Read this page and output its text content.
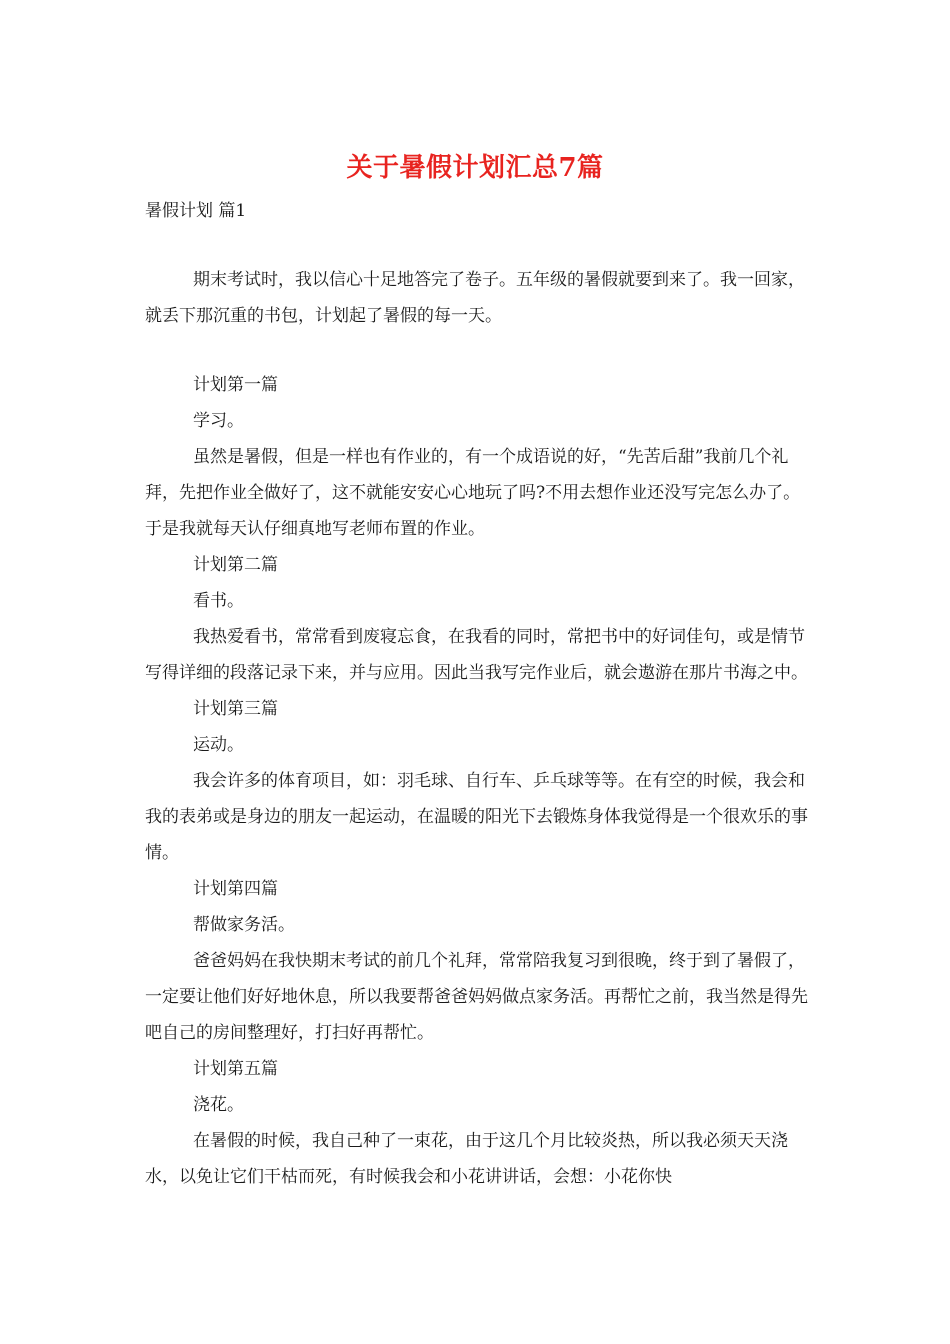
关于暑假计划汇总7篇
暑假计划 篇1

期末考试时，我以信心十足地答完了卷子。五年级的暑假就要到来了。我一回家，就丢下那沉重的书包，计划起了暑假的每一天。

计划第一篇

学习。

虽然是暑假，但是一样也有作业的，有一个成语说的好，“先苦后甜”我前几个礼拜，先把作业全做好了，这不就能安安心心地玩了吗?不用去想作业还没写完怎么办了。于是我就每天认仔细真地写老师布置的作业。

计划第二篇

看书。

我热爱看书，常常看到废寝忘食，在我看的同时，常把书中的好词佳句，或是情节写得详细的段落记录下来，并与应用。因此当我写完作业后，就会遨游在那片书海之中。

计划第三篇

运动。

我会许多的体育项目，如：羽毛球、自行车、乒乓球等等。在有空的时候，我会和我的表弟或是身边的朋友一起运动，在温暖的阳光下去锻炼身体我觉得是一个很欢乐的事情。

计划第四篇

帮做家务活。

爸爸妈妈在我快期末考试的前几个礼拜，常常陪我复习到很晚，终于到了暑假了，一定要让他们好好地休息，所以我要帮爸爸妈妈做点家务活。再帮忙之前，我当然是得先吧自己的房间整理好，打扫好再帮忙。

计划第五篇

浇花。

在暑假的时候，我自己种了一束花，由于这几个月比较炎热，所以我必须天天浇水，以免让它们干枯而死，有时候我会和小花讲讲话，会想：小花你快
